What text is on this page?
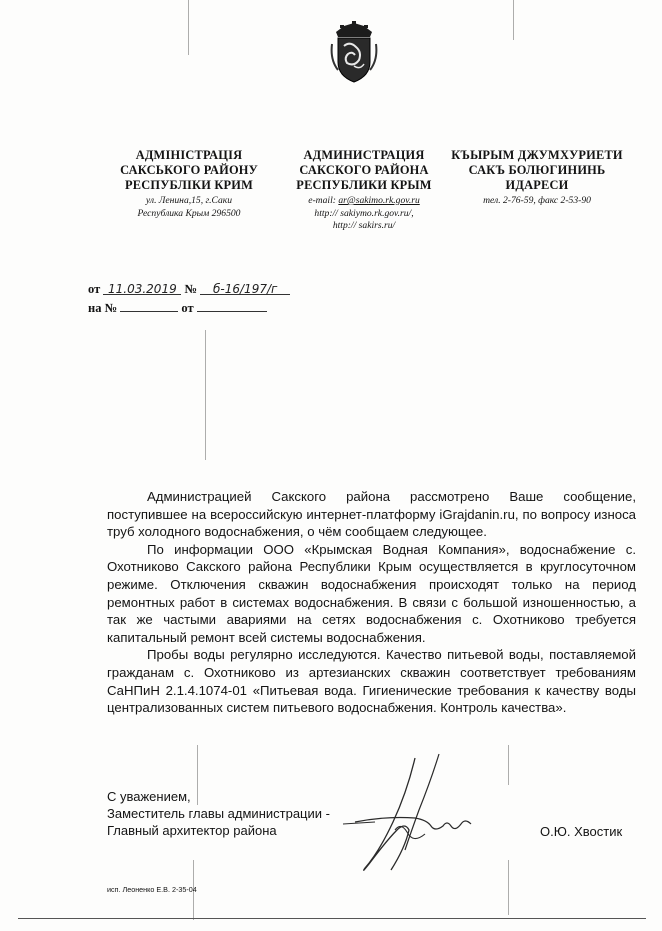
АДМІНІСТРАЦІЯ
САКСЬКОГО РАЙОНУ
РЕСПУБЛІКИ КРИМ
ул. Ленина,15, г.Саки
Республика Крым 296500
АДМИНИСТРАЦИЯ
САКСКОГО РАЙОНА
РЕСПУБЛИКИ КРЫМ
e-mail: ar@sakimo.rk.gov.ru
http:// sakiymo.rk.gov.ru/,
http:// sakirs.ru/
КЪЫРЫМ ДЖУМХУРИЕТИ
САКЪ БОЛЮГИНИНЬ
ИДАРЕСИ
тел. 2-76-59, факс 2-53-90
от 11.03.2019 № б-16/197/г
на №	от

Администрацией Сакского района рассмотрено Ваше сообщение, поступившее на всероссийскую интернет-платформу iGrajdanin.ru, по вопросу износа труб холодного водоснабжения, о чём сообщаем следующее.

По информации ООО «Крымская Водная Компания», водоснабжение с. Охотниково Сакского района Республики Крым осуществляется в круглосуточном режиме. Отключения скважин водоснабжения происходят только на период ремонтных работ в системах водоснабжения. В связи с большой изношенностью, а так же частыми авариями на сетях водоснабжения с. Охотниково требуется капитальный ремонт всей системы водоснабжения.

Пробы воды регулярно исследуются. Качество питьевой воды, поставляемой гражданам с. Охотниково из артезианских скважин соответствует требованиям СаНПиН 2.1.4.1074-01 «Питьевая вода. Гигиенические требования к качеству воды централизованных систем питьевого водоснабжения. Контроль качества».

С уважением,
Заместитель главы администрации -
Главный архитектор района	О.Ю. Хвостик
исп. Леоненко Е.В. 2-35-04
